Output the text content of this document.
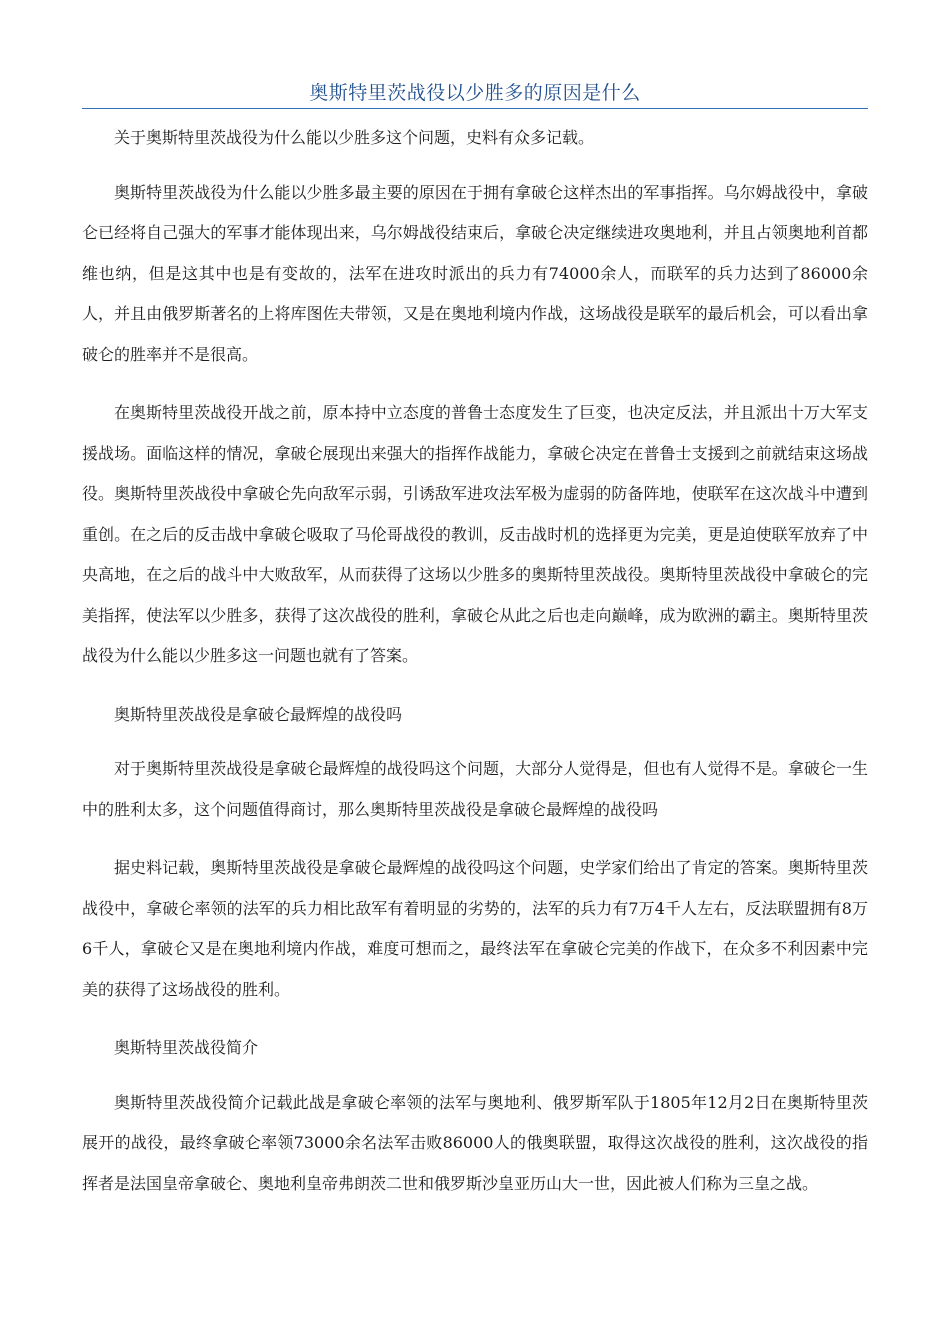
奥斯特里茨战役以少胜多的原因是什么

关于奥斯特里茨战役为什么能以少胜多这个问题，史料有众多记载。

奥斯特里茨战役为什么能以少胜多最主要的原因在于拥有拿破仑这样杰出的军事指挥。乌尔姆战役中，拿破仑已经将自己强大的军事才能体现出来，乌尔姆战役结束后，拿破仑决定继续进攻奥地利，并且占领奥地利首都维也纳，但是这其中也是有变故的，法军在进攻时派出的兵力有74000余人，而联军的兵力达到了86000余人，并且由俄罗斯著名的上将库图佐夫带领，又是在奥地利境内作战，这场战役是联军的最后机会，可以看出拿破仑的胜率并不是很高。

在奥斯特里茨战役开战之前，原本持中立态度的普鲁士态度发生了巨变，也决定反法，并且派出十万大军支援战场。面临这样的情况，拿破仑展现出来强大的指挥作战能力，拿破仑决定在普鲁士支援到之前就结束这场战役。奥斯特里茨战役中拿破仑先向敌军示弱，引诱敌军进攻法军极为虚弱的防备阵地，使联军在这次战斗中遭到重创。在之后的反击战中拿破仑吸取了马伦哥战役的教训，反击战时机的选择更为完美，更是迫使联军放弃了中央高地，在之后的战斗中大败敌军，从而获得了这场以少胜多的奥斯特里茨战役。奥斯特里茨战役中拿破仑的完美指挥，使法军以少胜多，获得了这次战役的胜利，拿破仑从此之后也走向巅峰，成为欧洲的霸主。奥斯特里茨战役为什么能以少胜多这一问题也就有了答案。

奥斯特里茨战役是拿破仑最辉煌的战役吗

对于奥斯特里茨战役是拿破仑最辉煌的战役吗这个问题，大部分人觉得是，但也有人觉得不是。拿破仑一生中的胜利太多，这个问题值得商讨，那么奥斯特里茨战役是拿破仑最辉煌的战役吗

据史料记载，奥斯特里茨战役是拿破仑最辉煌的战役吗这个问题，史学家们给出了肯定的答案。奥斯特里茨战役中，拿破仑率领的法军的兵力相比敌军有着明显的劣势的，法军的兵力有7万4千人左右，反法联盟拥有8万6千人，拿破仑又是在奥地利境内作战，难度可想而之，最终法军在拿破仑完美的作战下，在众多不利因素中完美的获得了这场战役的胜利。

奥斯特里茨战役简介

奥斯特里茨战役简介记载此战是拿破仑率领的法军与奥地利、俄罗斯军队于1805年12月2日在奥斯特里茨展开的战役，最终拿破仑率领73000余名法军击败86000人的俄奥联盟，取得这次战役的胜利，这次战役的指挥者是法国皇帝拿破仑、奥地利皇帝弗朗茨二世和俄罗斯沙皇亚历山大一世，因此被人们称为三皇之战。
